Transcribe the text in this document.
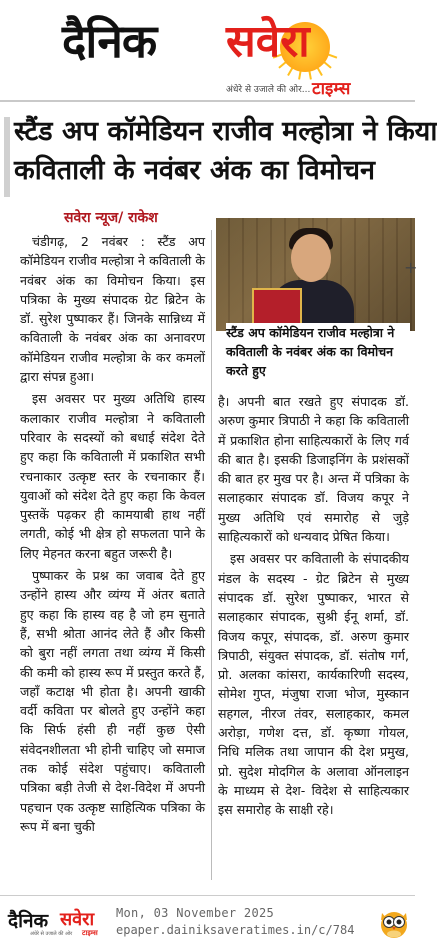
दैनिक सवेरा
अंधेरे से उजाले की ओर... टाइम्स
स्टैंड अप कॉमेडियन राजीव मल्होत्रा ने किया
कविताली के नवंबर अंक का विमोचन
सवेरा न्यूज/ राकेश

चंडीगढ़, 2 नवंबर : स्टैंड अप कॉमेडियन राजीव मल्होत्रा ने कविताली के नवंबर अंक का विमोचन किया। इस पत्रिका के मुख्य संपादक ग्रेट ब्रिटेन के डॉ. सुरेश पुष्पाकर हैं। जिनके सान्निध्य में कविताली के नवंबर अंक का अनावरण कॉमेडियन राजीव मल्होत्रा के कर कमलों द्वारा संपन्न हुआ।

इस अवसर पर मुख्य अतिथि हास्य कलाकार राजीव मल्होत्रा ने कविताली परिवार के सदस्यों को बधाई संदेश देते हुए कहा कि कविताली में प्रकाशित सभी रचनाकार उत्कृष्ट स्तर के रचनाकार हैं। युवाओं को संदेश देते हुए कहा कि केवल पुस्तकें पढ़कर ही कामयाबी हाथ नहीं लगती, कोई भी क्षेत्र हो सफलता पाने के लिए मेहनत करना बहुत जरूरी है।

पुष्पाकर के प्रश्न का जवाब देते हुए उन्होंने हास्य और व्यंग्य में अंतर बताते हुए कहा कि हास्य वह है जो हम सुनाते हैं, सभी श्रोता आनंद लेते हैं और किसी को बुरा नहीं लगता तथा व्यंग्य में किसी की कमी को हास्य रूप में प्रस्तुत करते हैं, जहाँ कटाक्ष भी होता है। अपनी खाकी वर्दी कविता पर बोलते हुए उन्होंने कहा कि सिर्फ हंसी ही नहीं कुछ ऐसी संवेदनशीलता भी होनी चाहिए जो समाज तक कोई संदेश पहुंचाए। कविताली पत्रिका बड़ी तेजी से देश-विदेश में अपनी पहचान एक उत्कृष्ट साहित्यिक पत्रिका के रूप में बना चुकी

+
स्टैंड अप कॉमेडियन राजीव मल्होत्रा ने कविताली के नवंबर अंक का विमोचन करते हुए

है। अपनी बात रखते हुए संपादक डॉ. अरुण कुमार त्रिपाठी ने कहा कि कविताली में प्रकाशित होना साहित्यकारों के लिए गर्व की बात है। इसकी डिजाइनिंग के प्रशंसकों की बात हर मुख पर है। अन्त में पत्रिका के सलाहकार संपादक डॉ. विजय कपूर ने मुख्य अतिथि एवं समारोह से जुड़े साहित्यकारों को धन्यवाद प्रेषित किया।

इस अवसर पर कविताली के संपादकीय मंडल के सदस्य - ग्रेट ब्रिटेन से मुख्य संपादक डॉ. सुरेश पुष्पाकर, भारत से सलाहकार संपादक, सुश्री ईनू शर्मा, डॉ. विजय कपूर, संपादक, डॉ. अरुण कुमार त्रिपाठी, संयुक्त संपादक, डॉ. संतोष गर्ग, प्रो. अलका कांसरा, कार्यकारिणी सदस्य, सोमेश गुप्त, मंजुषा राजा भोज, मुस्कान सहगल, नीरज तंवर, सलाहकार, कमल अरोड़ा, गणेश दत्त, डॉ. कृष्णा गोयल, निधि मलिक तथा जापान की देश प्रमुख, प्रो. सुदेश मोदगिल के अलावा ऑनलाइन के माध्यम से देश- विदेश से साहित्यकार इस समारोह के साक्षी रहे।

दैनिक सवेरा
अंधेरे से उजाले की ओर टाइम्स
Mon, 03 November 2025
epaper.dainiksaveratimes.in/c/784
